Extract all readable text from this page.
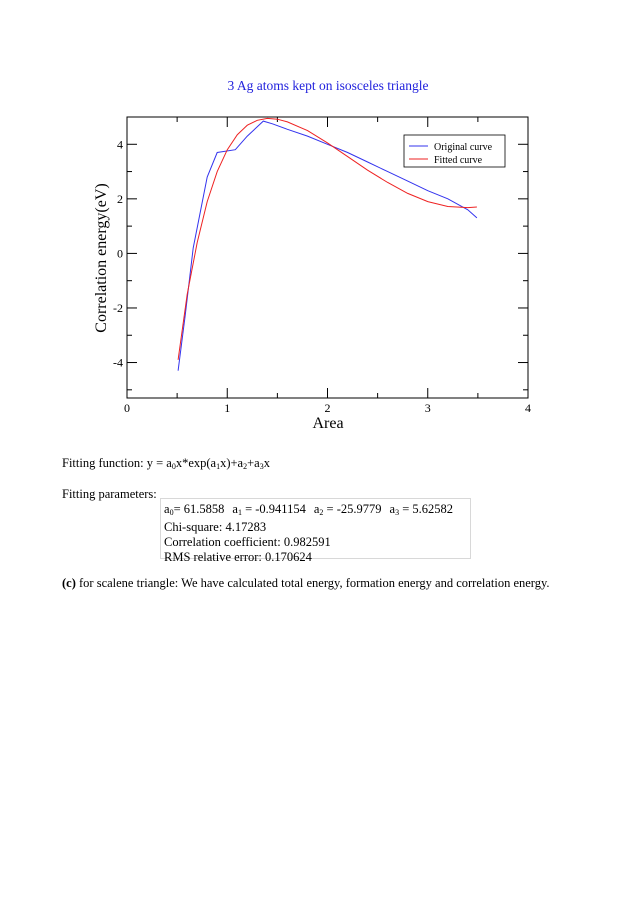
3 Ag atoms kept on isosceles triangle
0	1	2	3	4
4
2
0
-2
-4
Area
Correlation energy(eV)
Original curve
Fitted curve
Fitting function: $y = a_0x*\exp(a_1x)+a_2+a_3x$
Fitting parameters:
$a_0= 61.5858$ $a_1 = -0.941154$ $a_2 = -25.9779$ $a_3 = 5.62582$
Chi-square: 4.17283
Correlation coefficient: 0.982591
RMS relative error: 0.170624
(c) for scalene triangle: We have calculated total energy, formation energy and correlation energy.
